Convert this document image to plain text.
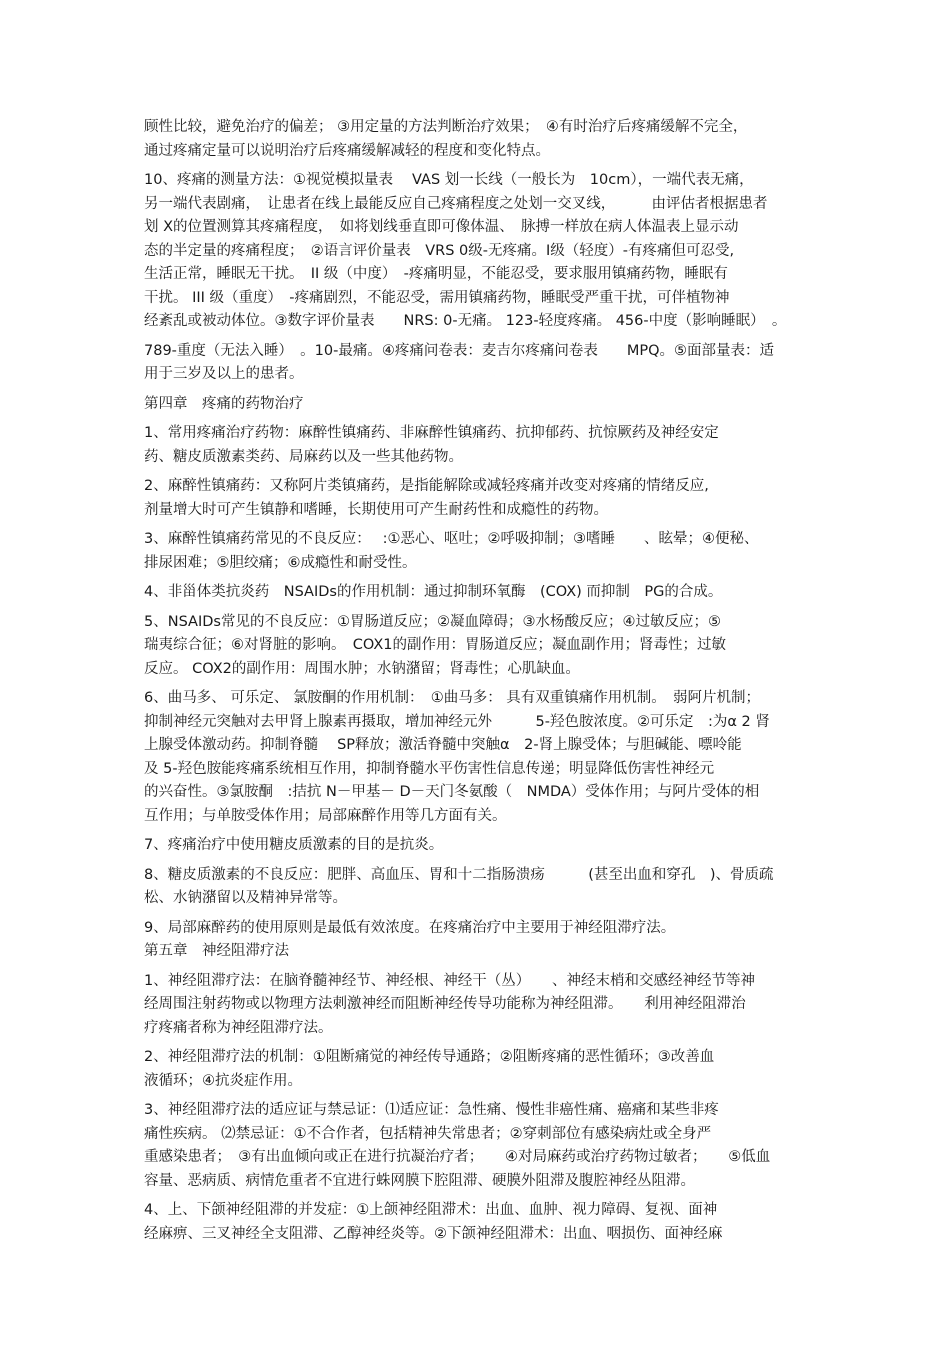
顾性比较，避免治疗的偏差； ③用定量的方法判断治疗效果；　④有时治疗后疼痛缓解不完全，
通过疼痛定量可以说明治疗后疼痛缓解减轻的程度和变化特点。
10、疼痛的测量方法：①视觉模拟量表　 VAS 划一长线（一般长为　10cm），一端代表无痛，
另一端代表剧痛，　让患者在线上最能反应自己疼痛程度之处划一交叉线，　　　由评估者根据患者
划 X的位置测算其疼痛程度，　如将划线垂直即可像体温、　脉搏一样放在病人体温表上显示动
态的半定量的疼痛程度；　②语言评价量表　VRS 0级-无疼痛。I级（轻度）-有疼痛但可忍受,
生活正常，睡眠无干扰。　II 级（中度）　-疼痛明显，不能忍受，要求服用镇痛药物，睡眠有
干扰。 III 级（重度）　-疼痛剧烈，不能忍受，需用镇痛药物，睡眠受严重干扰，可伴植物神
经紊乱或被动体位。③数字评价量表　　NRS: 0-无痛。 123-轻度疼痛。 456-中度（影响睡眠）　。
789-重度（无法入睡）　。10-最痛。④疼痛问卷表：麦吉尔疼痛问卷表　　MPQ。⑤面部量表：适
用于三岁及以上的患者。
第四章　疼痛的药物治疗
1、常用疼痛治疗药物：麻醉性镇痛药、非麻醉性镇痛药、抗抑郁药、抗惊厥药及神经安定
药、糖皮质激素类药、局麻药以及一些其他药物。
2、麻醉性镇痛药：又称阿片类镇痛药，是指能解除或减轻疼痛并改变对疼痛的情绪反应,
剂量增大时可产生镇静和嗜睡，长期使用可产生耐药性和成瘾性的药物。
3、麻醉性镇痛药常见的不良反应：　 :①恶心、呕吐；②呼吸抑制；③嗜睡　　、眩晕；④便秘、
排尿困难；⑤胆绞痛；⑥成瘾性和耐受性。
4、非甾体类抗炎药　NSAIDs的作用机制：通过抑制环氧酶　(COX) 而抑制　PG的合成。
5、NSAIDs常见的不良反应：①胃肠道反应；②凝血障碍；③水杨酸反应；④过敏反应；⑤
瑞夷综合征；⑥对肾脏的影响。　COX1的副作用：胃肠道反应；凝血副作用；肾毒性；过敏
反应。 COX2的副作用：周围水肿；水钠潴留；肾毒性；心肌缺血。
6、曲马多、 可乐定、 氯胺酮的作用机制：　①曲马多： 具有双重镇痛作用机制。　弱阿片机制；
抑制神经元突触对去甲肾上腺素再摄取，增加神经元外　　　5-羟色胺浓度。②可乐定　:为α 2 肾
上腺受体激动药。抑制脊髓　 SP释放；激活脊髓中突触α　2-肾上腺受体；与胆碱能、嘌呤能
及 5-羟色胺能疼痛系统相互作用，抑制脊髓水平伤害性信息传递；明显降低伤害性神经元
的兴奋性。③氯胺酮　:拮抗 N－甲基－ D－天门冬氨酸（　NMDA）受体作用；与阿片受体的相
互作用；与单胺受体作用；局部麻醉作用等几方面有关。
7、疼痛治疗中使用糖皮质激素的目的是抗炎。
8、糖皮质激素的不良反应：肥胖、高血压、胃和十二指肠溃疡　　　(甚至出血和穿孔　)、骨质疏
松、水钠潴留以及精神异常等。
9、局部麻醉药的使用原则是最低有效浓度。在疼痛治疗中主要用于神经阻滞疗法。
第五章　神经阻滞疗法
1、神经阻滞疗法：在脑脊髓神经节、神经根、神经干（丛）　　、神经末梢和交感经神经节等神
经周围注射药物或以物理方法刺激神经而阻断神经传导功能称为神经阻滞。　　利用神经阻滞治
疗疼痛者称为神经阻滞疗法。
2、神经阻滞疗法的机制：①阻断痛觉的神经传导通路；②阻断疼痛的恶性循环；③改善血
液循环；④抗炎症作用。
3、神经阻滞疗法的适应证与禁忌证：⑴适应证：急性痛、慢性非癌性痛、癌痛和某些非疼
痛性疾病。 ⑵禁忌证：①不合作者，包括精神失常患者；②穿刺部位有感染病灶或全身严
重感染患者；　③有出血倾向或正在进行抗凝治疗者；　　④对局麻药或治疗药物过敏者；　　⑤低血
容量、恶病质、病情危重者不宜进行蛛网膜下腔阻滞、硬膜外阻滞及腹腔神经丛阻滞。
4、上、下颌神经阻滞的并发症：①上颌神经阻滞术：出血、血肿、视力障碍、复视、面神
经麻痹、三叉神经全支阻滞、乙醇神经炎等。②下颌神经阻滞术：出血、咽损伤、面神经麻
